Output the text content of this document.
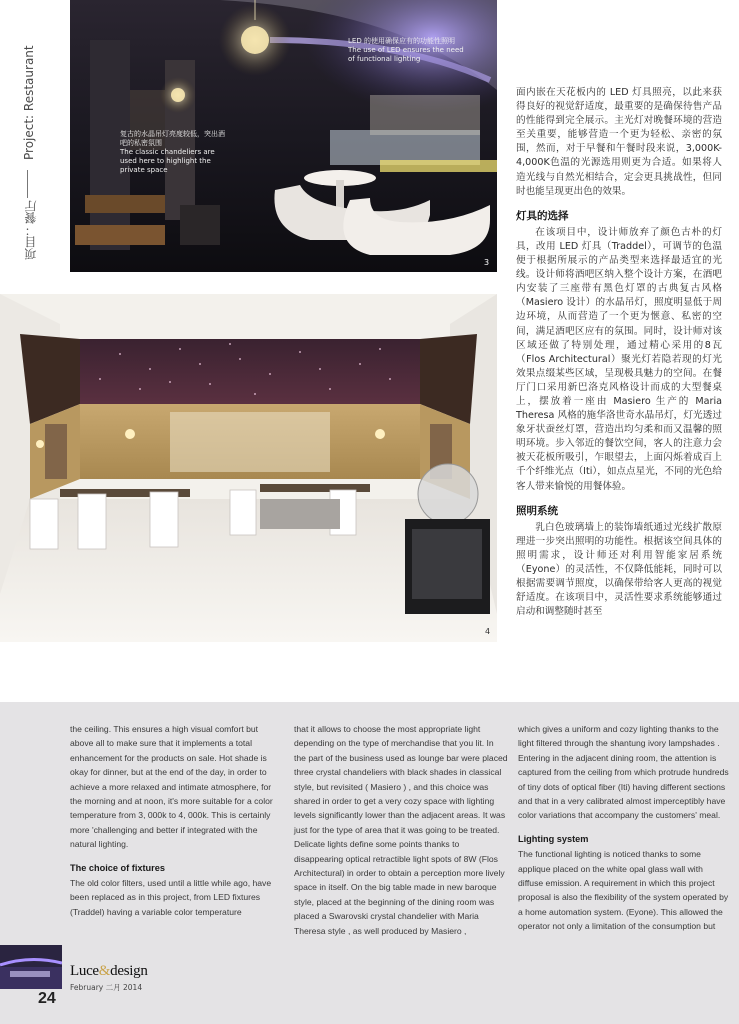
Project: Restaurant
项目：餐厅
LED 的使用确保应有的功能性照明
The use of LED ensures the need of functional lighting
复古的水晶吊灯亮度较低，突出酒吧的私密氛围
The classic chandeliers are used here to highlight the private space
3

面内嵌在天花板内的 LED 灯具照亮，以此来获得良好的视觉舒适度，最重要的是确保待售产品的性能得到完全展示。主光灯对晚餐环境的营造至关重要，能够营造一个更为轻松、亲密的氛围，然而，对于早餐和午餐时段来说，3,000K-4,000K色温的光源选用则更为合适。如果将人造光线与自然光相结合，定会更具挑战性，但同时也能呈现更出色的效果。

灯具的选择

在该项目中，设计师放弃了颜色古朴的灯具，改用 LED 灯具（Traddel），可调节的色温便于根据所展示的产品类型来选择最适宜的光线。设计师将酒吧区纳入整个设计方案，在酒吧内安装了三座带有黑色灯罩的古典复古风格（Masiero 设计）的水晶吊灯，照度明显低于周边环境，从而营造了一个更为惬意、私密的空间，满足酒吧区应有的氛围。同时，设计师对该区域还做了特别处理，通过精心采用的8瓦（Flos Architectural）聚光灯若隐若现的灯光效果点缀某些区域，呈现极具魅力的空间。在餐厅门口采用新巴洛克风格设计而成的大型餐桌上，摆放着一座由 Masiero 生产的 Maria Theresa 风格的施华洛世奇水晶吊灯，灯光透过象牙状蚕丝灯罩，营造出均匀柔和而又温馨的照明环境。步入邻近的餐饮空间，客人的注意力会被天花板所吸引，乍眼望去，上面闪烁着成百上千个纤维光点（Iti），如点点星光，不同的光色给客人带来愉悦的用餐体验。

照明系统

乳白色玻璃墙上的装饰墙纸通过光线扩散原理进一步突出照明的功能性。根据该空间具体的照明需求，设计师还对利用智能家居系统（Eyone）的灵活性，不仅降低能耗，同时可以根据需要调节照度，以确保带给客人更高的视觉舒适度。在该项目中，灵活性要求系统能够通过启动和调整随时甚至

4

the ceiling. This ensures a high visual comfort but above all to make sure that it implements a total enhancement for the products on sale. Hot shade is okay for dinner, but at the end of the day, in order to achieve a more relaxed and intimate atmosphere, for the morning and at noon, it's more suitable for a color temperature from 3, 000k to 4, 000k. This is certainly more 'challenging and better if integrated with the natural lighting.

The choice of fixtures

The old color filters, used until a little while ago, have been replaced as in this project, from LED fixtures (Traddel) having a variable color temperature

that it allows to choose the most appropriate light depending on the type of merchandise that you lit. In the part of the business used as lounge bar were placed three crystal chandeliers with black shades in classical style, but revisited ( Masiero ) , and this choice was shared in order to get a very cozy space with lighting levels significantly lower than the adjacent areas. It was just for the type of area that it was going to be treated. Delicate lights define some points thanks to disappearing optical retractible light spots of 8W (Flos Architectural) in order to obtain a perception more lively space in itself. On the big table made in new baroque style, placed at the beginning of the dining room was placed a Swarovski crystal chandelier with Maria Theresa style , as well produced by Masiero ,

which gives a uniform and cozy lighting thanks to the light filtered through the shantung ivory lampshades . Entering in the adjacent dining room, the attention is captured from the ceiling from which protrude hundreds of tiny dots of optical fiber (Iti) having different sections and that in a very calibrated almost imperceptibly have color variations that accompany the customers' meal.

Lighting system

The functional lighting is noticed thanks to some applique placed on the white opal glass wall with diffuse emission. A requirement in which this project proposal is also the flexibility of the system operated by a home automation system. (Eyone). This allowed the operator not only a limitation of the consumption but

Luce&design
February 二月 2014
24
